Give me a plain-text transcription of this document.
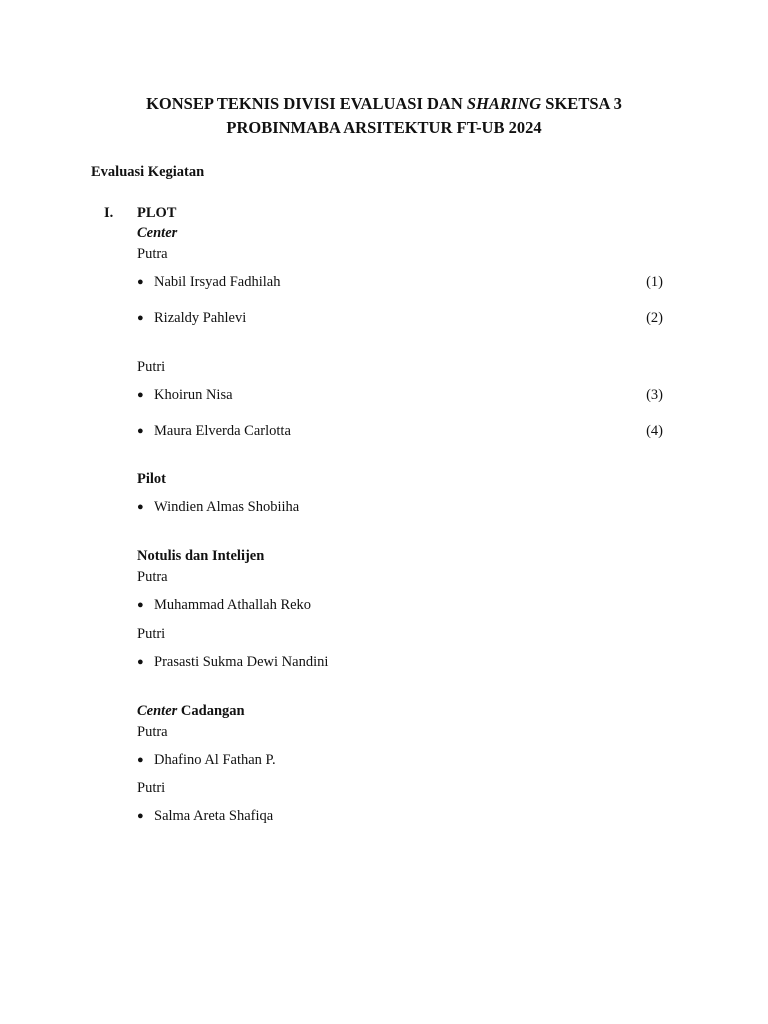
KONSEP TEKNIS DIVISI EVALUASI DAN SHARING SKETSA 3
PROBINMABA ARSITEKTUR FT-UB 2024
Evaluasi Kegiatan
I. PLOT
Center
Putra
● Nabil Irsyad Fadhilah	(1)
● Rizaldy Pahlevi	(2)
Putri
● Khoirun Nisa	(3)
● Maura Elverda Carlotta	(4)
Pilot
● Windien Almas Shobiiha
Notulis dan Intelijen
Putra
● Muhammad Athallah Reko
Putri
● Prasasti Sukma Dewi Nandini
Center Cadangan
Putra
● Dhafino Al Fathan P.
Putri
● Salma Areta Shafiqa
